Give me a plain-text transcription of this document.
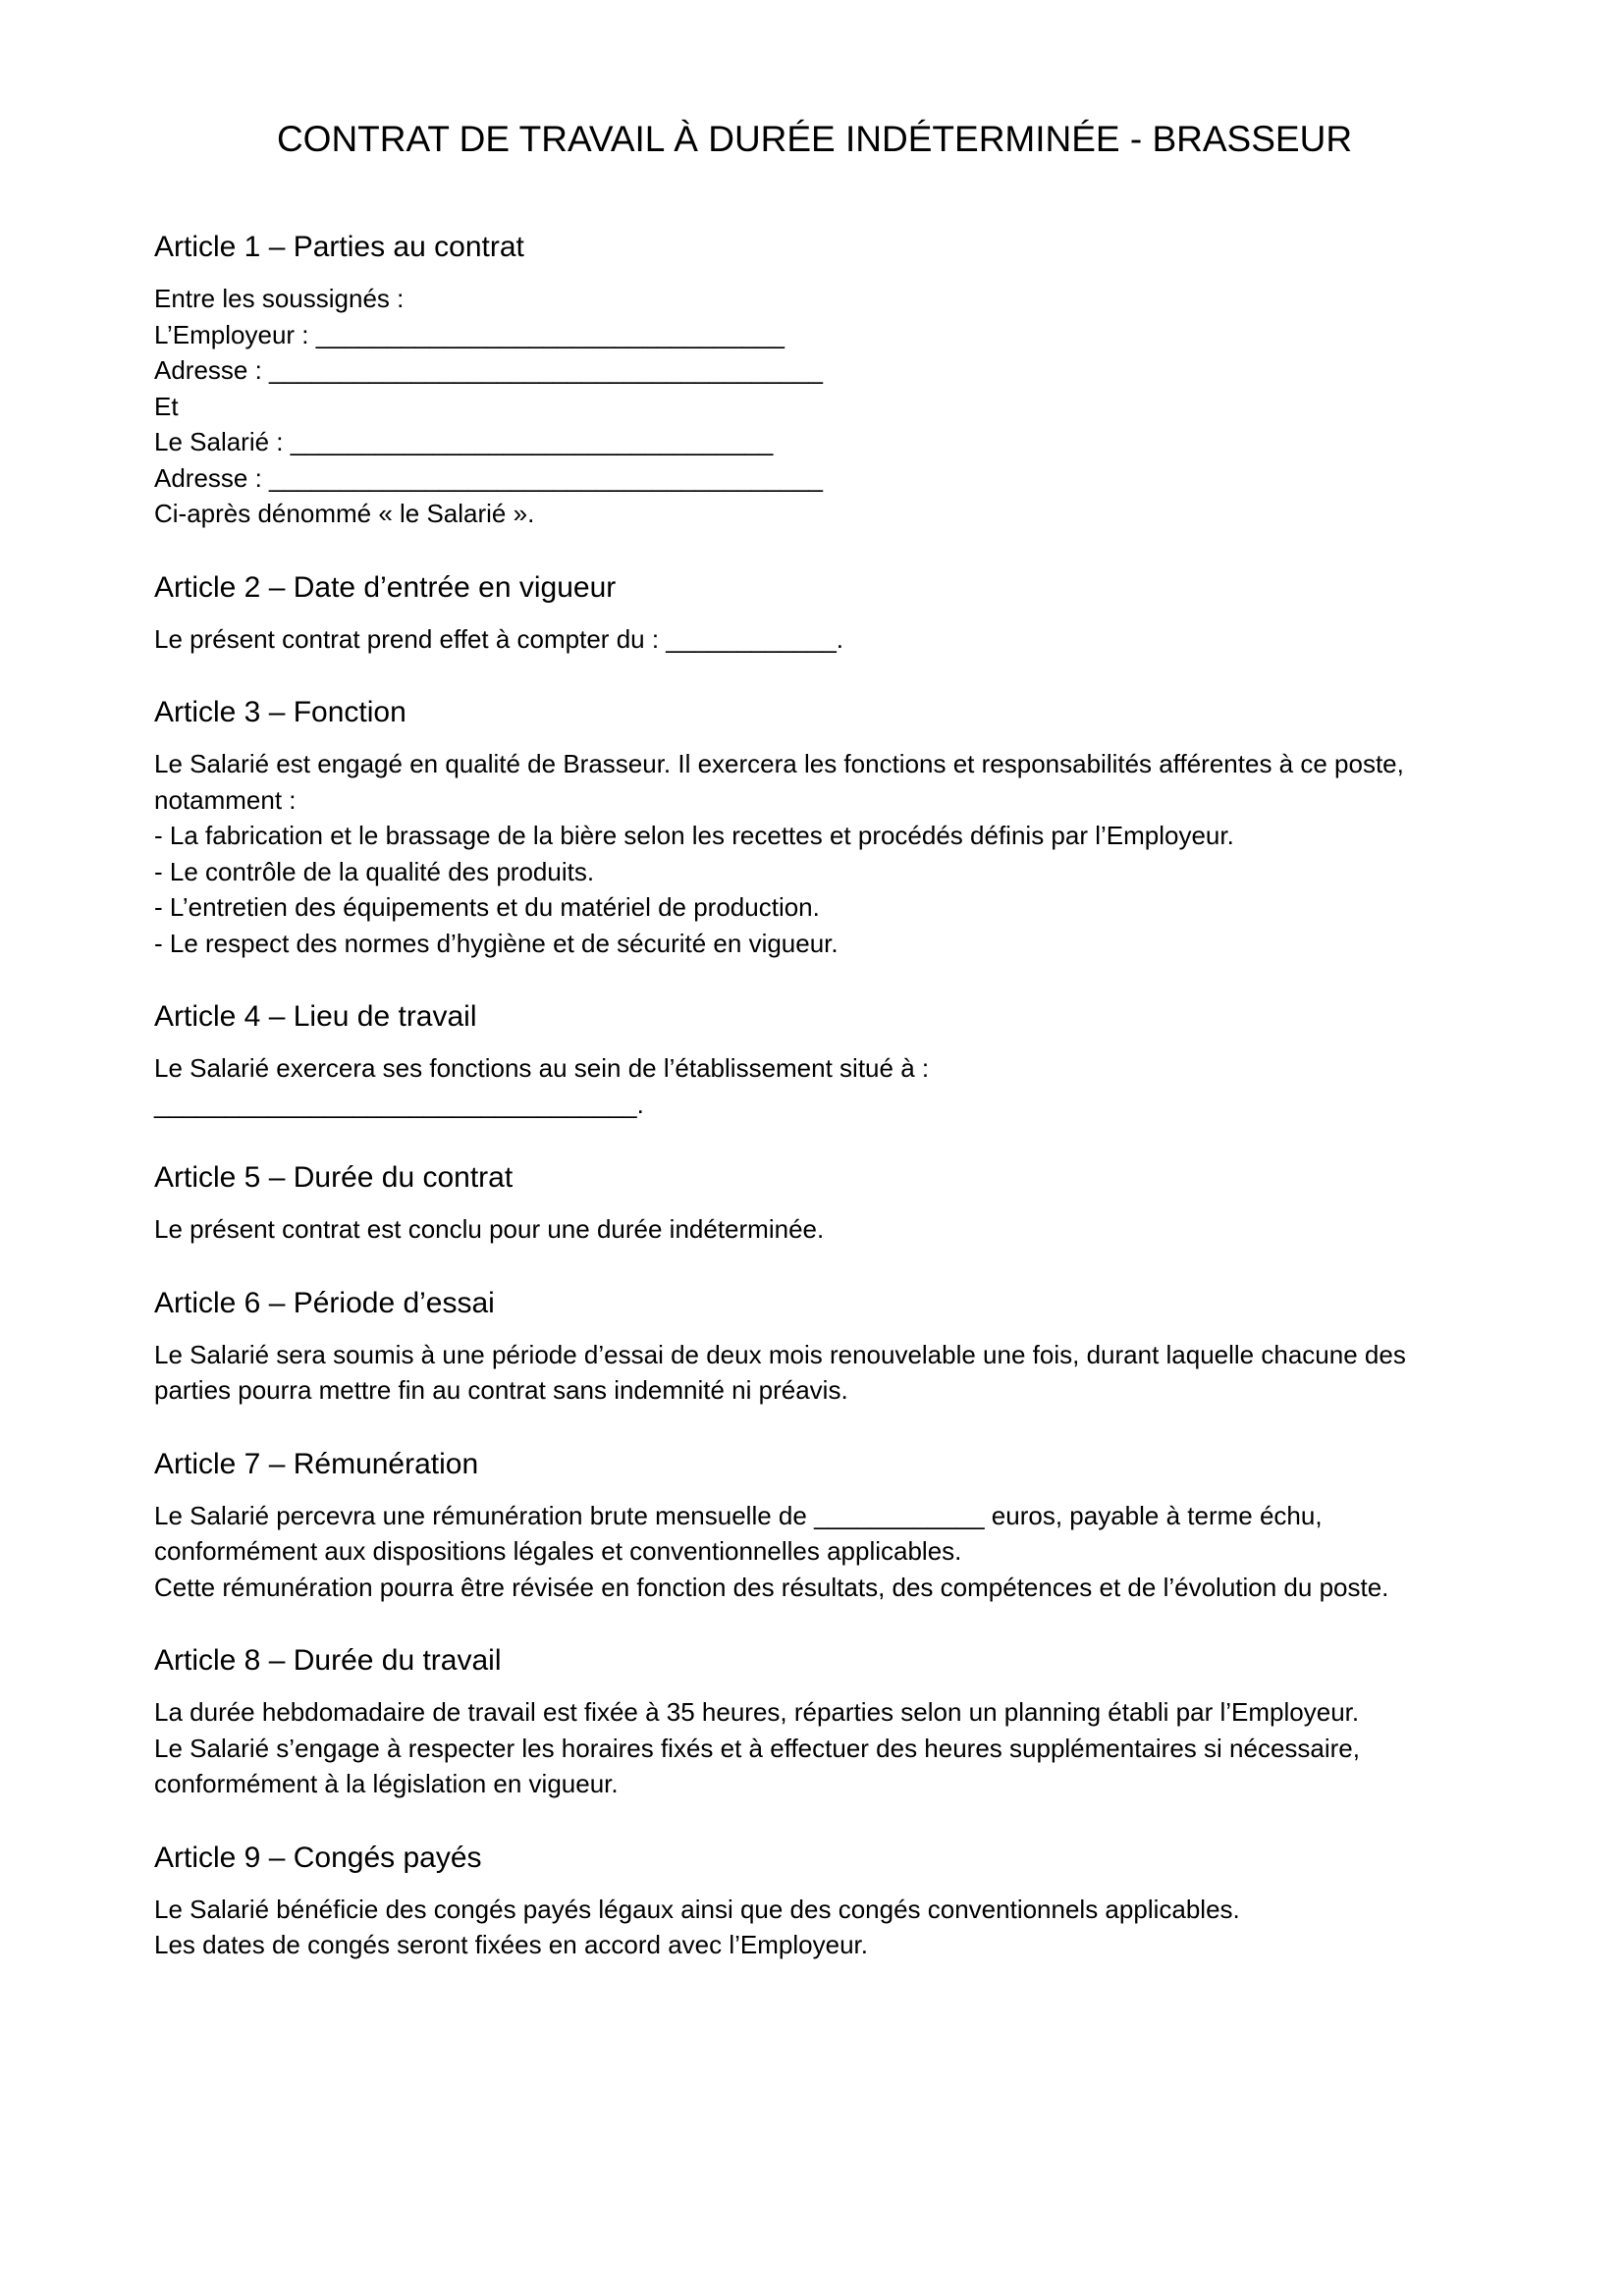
CONTRAT DE TRAVAIL À DURÉE INDÉTERMINÉE - BRASSEUR
Article 1 – Parties au contrat

Entre les soussignés :

L’Employeur : _________________________________

Adresse : _______________________________________

Et

Le Salarié : __________________________________

Adresse : _______________________________________

Ci-après dénommé « le Salarié ».

Article 2 – Date d’entrée en vigueur

Le présent contrat prend effet à compter du : ____________.

Article 3 – Fonction

Le Salarié est engagé en qualité de Brasseur. Il exercera les fonctions et responsabilités afférentes à ce poste, notamment :

- La fabrication et le brassage de la bière selon les recettes et procédés définis par l’Employeur.

- Le contrôle de la qualité des produits.

- L’entretien des équipements et du matériel de production.

- Le respect des normes d’hygiène et de sécurité en vigueur.

Article 4 – Lieu de travail

Le Salarié exercera ses fonctions au sein de l’établissement situé à :

__________________________________.

Article 5 – Durée du contrat

Le présent contrat est conclu pour une durée indéterminée.

Article 6 – Période d’essai

Le Salarié sera soumis à une période d’essai de deux mois renouvelable une fois, durant laquelle chacune des parties pourra mettre fin au contrat sans indemnité ni préavis.

Article 7 – Rémunération

Le Salarié percevra une rémunération brute mensuelle de ____________ euros, payable à terme échu, conformément aux dispositions légales et conventionnelles applicables.

Cette rémunération pourra être révisée en fonction des résultats, des compétences et de l’évolution du poste.

Article 8 – Durée du travail

La durée hebdomadaire de travail est fixée à 35 heures, réparties selon un planning établi par l’Employeur.

Le Salarié s’engage à respecter les horaires fixés et à effectuer des heures supplémentaires si nécessaire, conformément à la législation en vigueur.

Article 9 – Congés payés

Le Salarié bénéficie des congés payés légaux ainsi que des congés conventionnels applicables.

Les dates de congés seront fixées en accord avec l’Employeur.
